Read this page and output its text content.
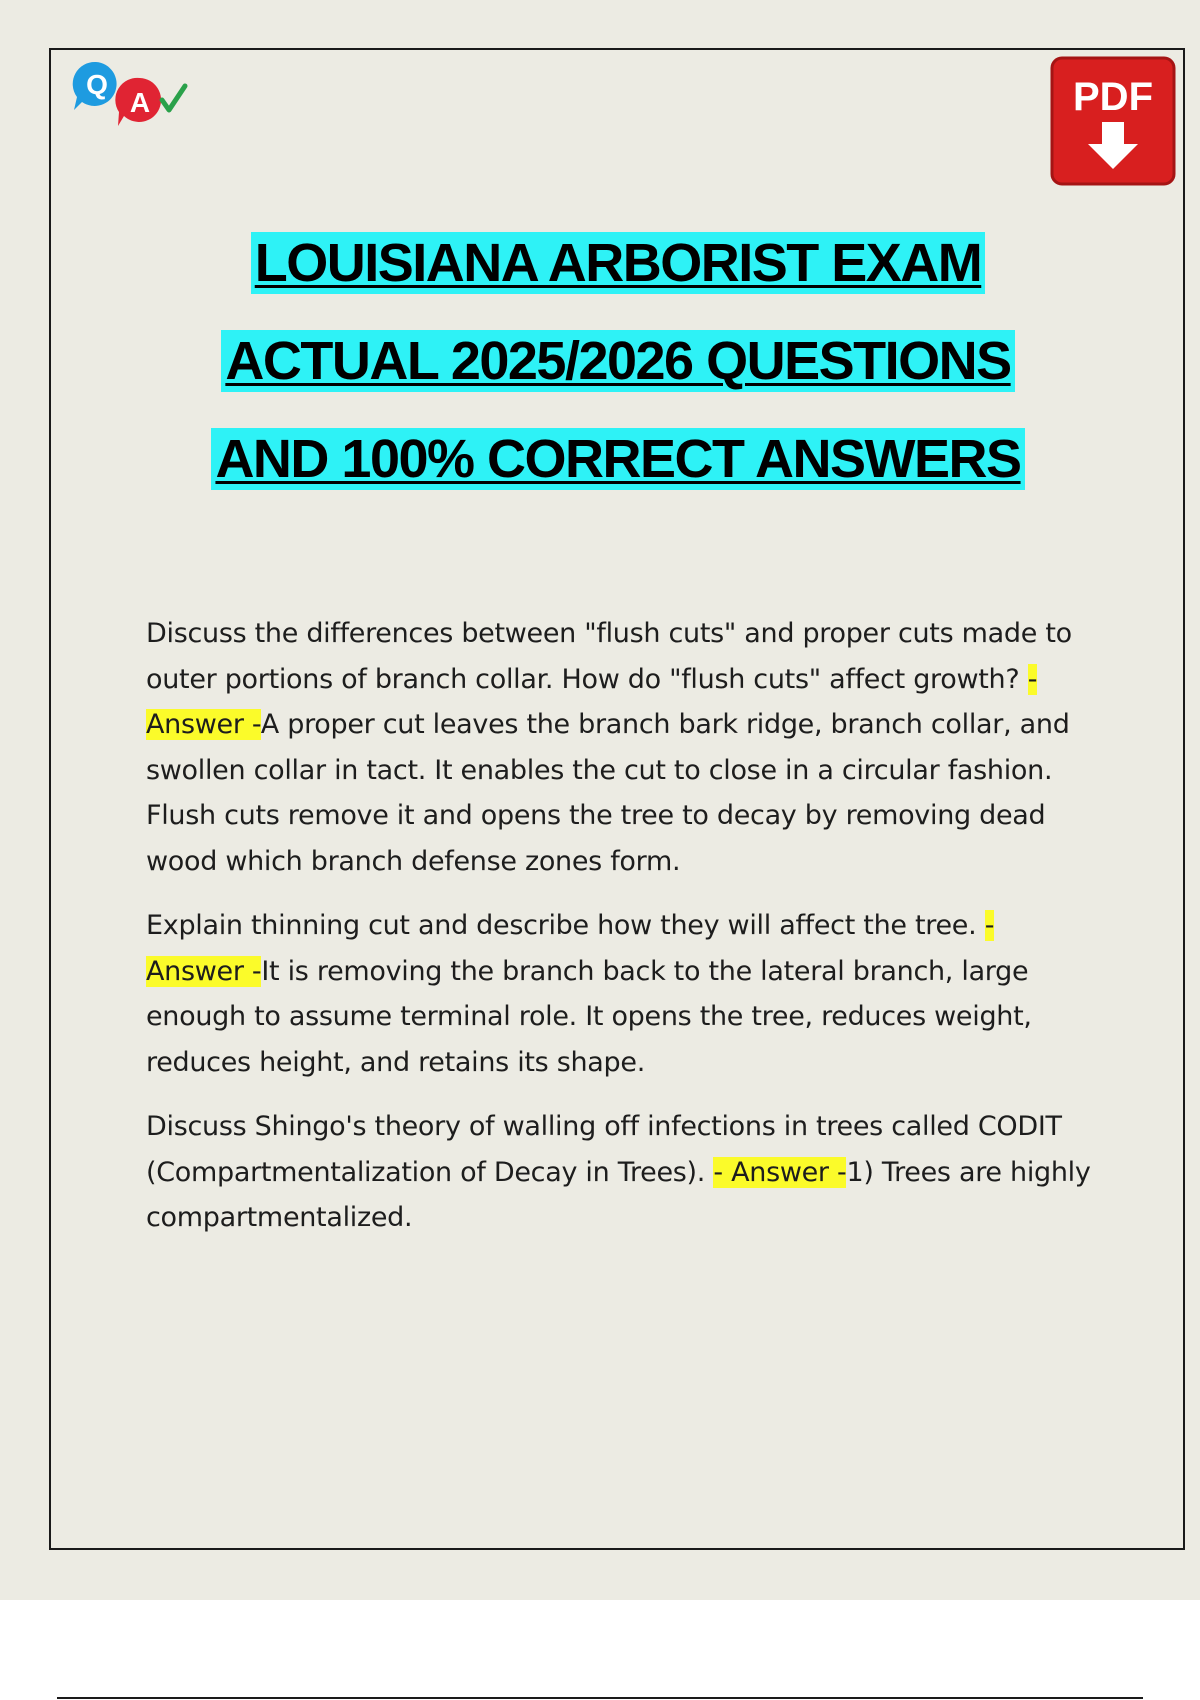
Q
A	PDF
LOUISIANA ARBORIST EXAM
ACTUAL 2025/2026 QUESTIONS
AND 100% CORRECT ANSWERS

Discuss the differences between "flush cuts" and proper cuts made to outer portions of branch collar. How do "flush cuts" affect growth? - Answer -A proper cut leaves the branch bark ridge, branch collar, and swollen collar in tact. It enables the cut to close in a circular fashion. Flush cuts remove it and opens the tree to decay by removing dead wood which branch defense zones form.

Explain thinning cut and describe how they will affect the tree. - Answer -It is removing the branch back to the lateral branch, large enough to assume terminal role. It opens the tree, reduces weight, reduces height, and retains its shape.

Discuss Shingo's theory of walling off infections in trees called CODIT (Compartmentalization of Decay in Trees). - Answer -1) Trees are highly compartmentalized.
